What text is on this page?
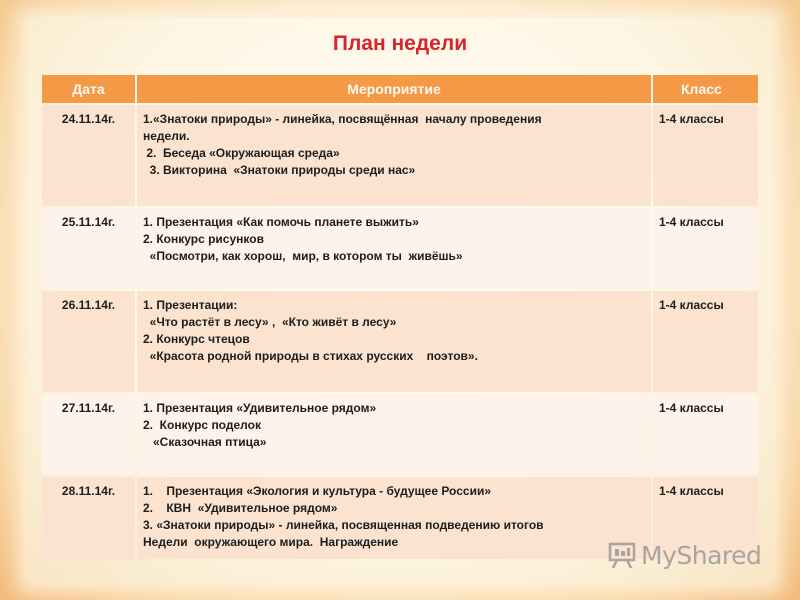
План недели
Дата	Мероприятие	Класс
24.11.14г.	1.«Знатоки природы» - линейка, посвящённая  началу проведения
недели.
2.  Беседа «Окружающая среда»
3. Викторина  «Знатоки природы среди нас»	1-4 классы
25.11.14г.	1. Презентация «Как помочь планете выжить»
2. Конкурс рисунков
«Посмотри, как хорош,  мир, в котором ты  живёшь»	1-4 классы
26.11.14г.	1. Презентации:
«Что растёт в лесу» ,  «Кто живёт в лесу»
2. Конкурс чтецов
«Красота родной природы в стихах русских    поэтов».	1-4 классы
27.11.14г.	1. Презентация «Удивительное рядом»
2.  Конкурс поделок
«Сказочная птица»	1-4 классы
28.11.14г.	1.    Презентация «Экология и культура - будущее России»
2.    КВН  «Удивительное рядом»
3. «Знатоки природы» - линейка, посвященная подведению итогов
Недели  окружающего мира.  Награждение	1-4 классы
MyShared
